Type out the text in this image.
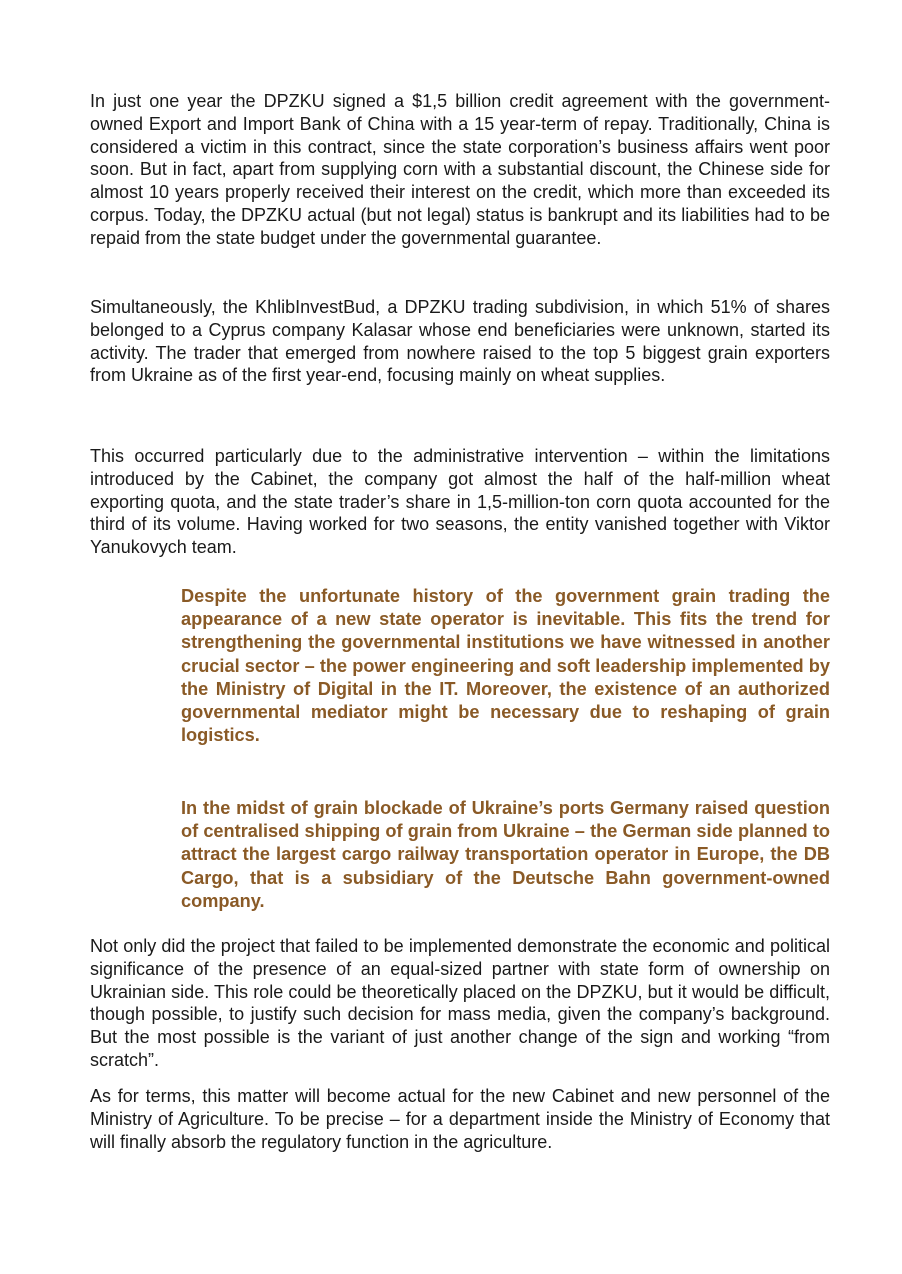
In just one year the DPZKU signed a $1,5 billion credit agreement with the government-owned Export and Import Bank of China with a 15 year-term of repay. Traditionally, China is considered a victim in this contract, since the state corporation’s business affairs went poor soon. But in fact, apart from supplying corn with a substantial discount, the Chinese side for almost 10 years properly received their interest on the credit, which more than exceeded its corpus. Today, the DPZKU actual (but not legal) status is bankrupt and its liabilities had to be repaid from the state budget under the governmental guarantee.

Simultaneously, the KhlibInvestBud, a DPZKU trading subdivision, in which 51% of shares belonged to a Cyprus company Kalasar whose end beneficiaries were unknown, started its activity. The trader that emerged from nowhere raised to the top 5 biggest grain exporters from Ukraine as of the first year-end, focusing mainly on wheat supplies.

This occurred particularly due to the administrative intervention – within the limitations introduced by the Cabinet, the company got almost the half of the half-million wheat exporting quota, and the state trader’s share in 1,5-million-ton corn quota accounted for the third of its volume. Having worked for two seasons, the entity vanished together with Viktor Yanukovych team.

Despite the unfortunate history of the government grain trading the appearance of a new state operator is inevitable. This fits the trend for strengthening the governmental institutions we have witnessed in another crucial sector – the power engineering and soft leadership implemented by the Ministry of Digital in the IT. Moreover, the existence of an authorized governmental mediator might be necessary due to reshaping of grain logistics.

In the midst of grain blockade of Ukraine’s ports Germany raised question of centralised shipping of grain from Ukraine – the German side planned to attract the largest cargo railway transportation operator in Europe, the DB Cargo, that is a subsidiary of the Deutsche Bahn government-owned company.

Not only did the project that failed to be implemented demonstrate the economic and political significance of the presence of an equal-sized partner with state form of ownership on Ukrainian side. This role could be theoretically placed on the DPZKU, but it would be difficult, though possible, to justify such decision for mass media, given the company’s background. But the most possible is the variant of just another change of the sign and working “from scratch”.

As for terms, this matter will become actual for the new Cabinet and new personnel of the Ministry of Agriculture. To be precise – for a department inside the Ministry of Economy that will finally absorb the regulatory function in the agriculture.
